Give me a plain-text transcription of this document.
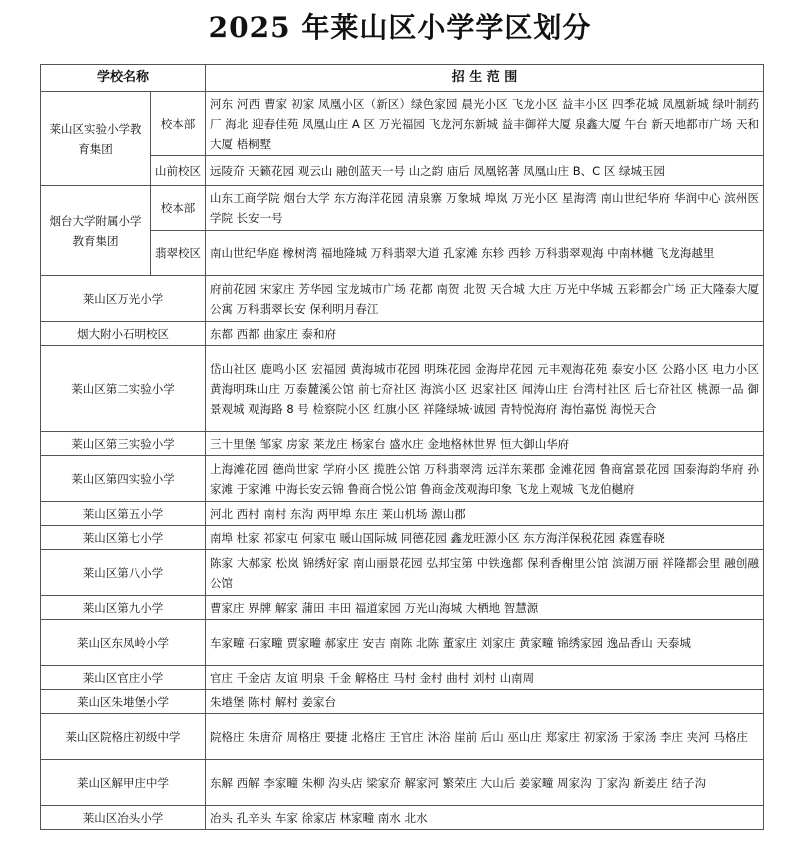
2025 年莱山区小学学区划分
学校名称		招 生 范 围
莱山区实验小学教育集团	校本部	河东 河西 曹家 初家 凤凰小区（新区）绿色家园 晨光小区 飞龙小区 益丰小区 四季花城 凤凰新城 绿叶制药厂 海北 迎春佳苑 凤凰山庄 A 区 万光福园 飞龙河东新城 益丰御祥大厦 泉鑫大厦 午台 新天地都市广场 天和大厦 梧桐墅
	山前校区	远陵夼 天籁花园 观云山 融创蓝天一号 山之韵 庙后 凤凰铭著 凤凰山庄 B、C 区 绿城玉园
烟台大学附属小学教育集团	校本部	山东工商学院 烟台大学 东方海洋花园 清泉寨 万象城 埠岚 万光小区 星海湾 南山世纪华府 华润中心 滨州医学院 长安一号
	翡翠校区	南山世纪华庭 橡树湾 福地隆城 万科翡翠大道 孔家滩 东轸 西轸 万科翡翠观海 中南林樾 飞龙海越里
莱山区万光小学		府前花园 宋家庄 芳华园 宝龙城市广场 花都 南贺 北贺 天合城 大庄 万光中华城 五彩都会广场 正大隆泰大厦公寓 万科翡翠长安 保利明月春江
烟大附小石明校区		东都 西都 曲家庄 泰和府
莱山区第二实验小学		岱山社区 鹿鸣小区 宏福园 黄海城市花园 明珠花园 金海岸花园 元丰观海花苑 泰安小区 公路小区 电力小区 黄海明珠山庄 万泰麓溪公馆 前七夼社区 海滨小区 迟家社区 闻涛山庄 台湾村社区 后七夼社区 桃源一品 御景观城 观海路 8 号 检察院小区 红旗小区 祥隆绿城·诚园 青特悦海府 海怡嘉悦 海悦天合
莱山区第三实验小学		三十里堡 邹家 房家 莱龙庄 杨家台 盛水庄 金地格林世界 恒大御山华府
莱山区第四实验小学		上海滩花园 德尚世家 学府小区 揽胜公馆 万科翡翠湾 远洋东莱郡 金滩花园 鲁商富景花园 国泰海韵华府 孙家滩 于家滩 中海长安云锦 鲁商合悦公馆 鲁商金茂观海印象 飞龙上观城 飞龙伯樾府
莱山区第五小学		河北 西村 南村 东沟 两甲埠 东庄 莱山机场 源山郡
莱山区第七小学		南埠 杜家 祁家屯 何家屯 暖山国际城 同德花园 鑫龙旺源小区 东方海洋保税花园 森霆春晓
莱山区第八小学		陈家 大郝家 松岚 锦绣好家 南山丽景花园 弘邦宝第 中铁逸都 保利香榭里公馆 滨湖万丽 祥隆都会里 融创融公馆
莱山区第九小学		曹家庄 界牌 解家 蒲田 丰田 福道家园 万光山海城 大栖地 智慧源
莱山区东凤岭小学		车家疃 石家疃 贾家疃 郝家庄 安吉 南陈 北陈 董家庄 刘家庄 黄家疃 锦绣家园 逸品香山 天泰城
莱山区官庄小学		官庄 千金店 友谊 明泉 千金 解格庄 马村 金村 曲村 刘村 山南周
莱山区朱塂堡小学		朱塂堡 陈村 解村 姜家台
莱山区院格庄初级中学		院格庄 朱唐夼 周格庄 要捷 北格庄 王官庄 沐浴 崖前 后山 巫山庄 郑家庄 初家汤 于家汤 李庄 夹河 马格庄
莱山区解甲庄中学		东解 西解 李家疃 朱柳 沟头店 梁家夼 解家河 繁荣庄 大山后 姜家疃 周家沟 丁家沟 新姜庄 结子沟
莱山区冶头小学		冶头 孔辛头 车家 徐家店 林家疃 南水 北水
